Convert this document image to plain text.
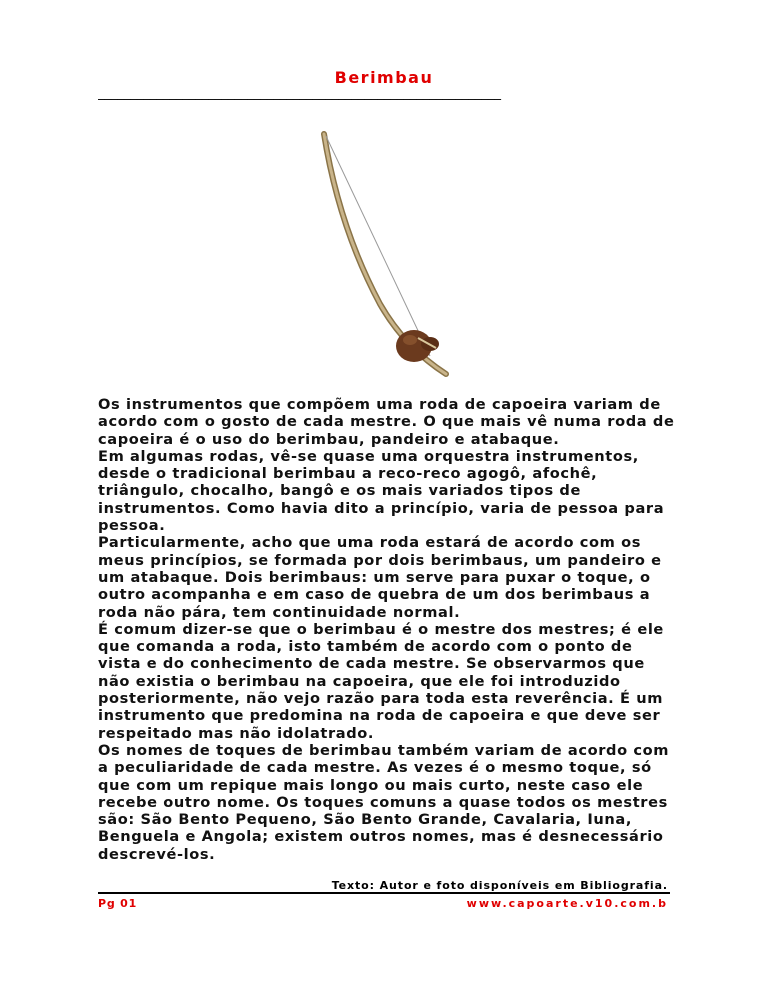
Berimbau
______________________________________________________________

Os instrumentos que compõem uma roda de capoeira variam de acordo com o gosto de cada mestre. O que mais vê numa roda de capoeira é o uso do berimbau, pandeiro e atabaque.

Em algumas rodas, vê-se quase uma orquestra instrumentos, desde o tradicional berimbau a reco-reco agogô, afochê, triângulo, chocalho, bangô e os mais variados tipos de instrumentos. Como havia dito a princípio, varia de pessoa para pessoa.

Particularmente, acho que uma roda estará de acordo com os meus princípios, se formada por dois berimbaus, um pandeiro e um atabaque. Dois berimbaus: um serve para puxar o toque, o outro acompanha e em caso de quebra de um dos berimbaus a roda não pára, tem continuidade normal.

É comum dizer-se que o berimbau é o mestre dos mestres; é ele que comanda a roda, isto também de acordo com o ponto de vista e do conhecimento de cada mestre. Se observarmos que não existia o berimbau na capoeira, que ele foi introduzido posteriormente, não vejo razão para toda esta reverência. É um instrumento que predomina na roda de capoeira e que deve ser respeitado mas não idolatrado.

Os nomes de toques de berimbau também variam de acordo com a peculiaridade de cada mestre. As vezes é o mesmo toque, só que com um repique mais longo ou mais curto, neste caso ele recebe outro nome. Os toques comuns a quase todos os mestres são: São Bento Pequeno, São Bento Grande, Cavalaria, Iuna, Benguela e Angola; existem outros nomes, mas é desnecessário descrevé-los.

Texto: Autor e foto disponíveis em Bibliografia.
Pg 01	www.capoarte.v10.com.b
